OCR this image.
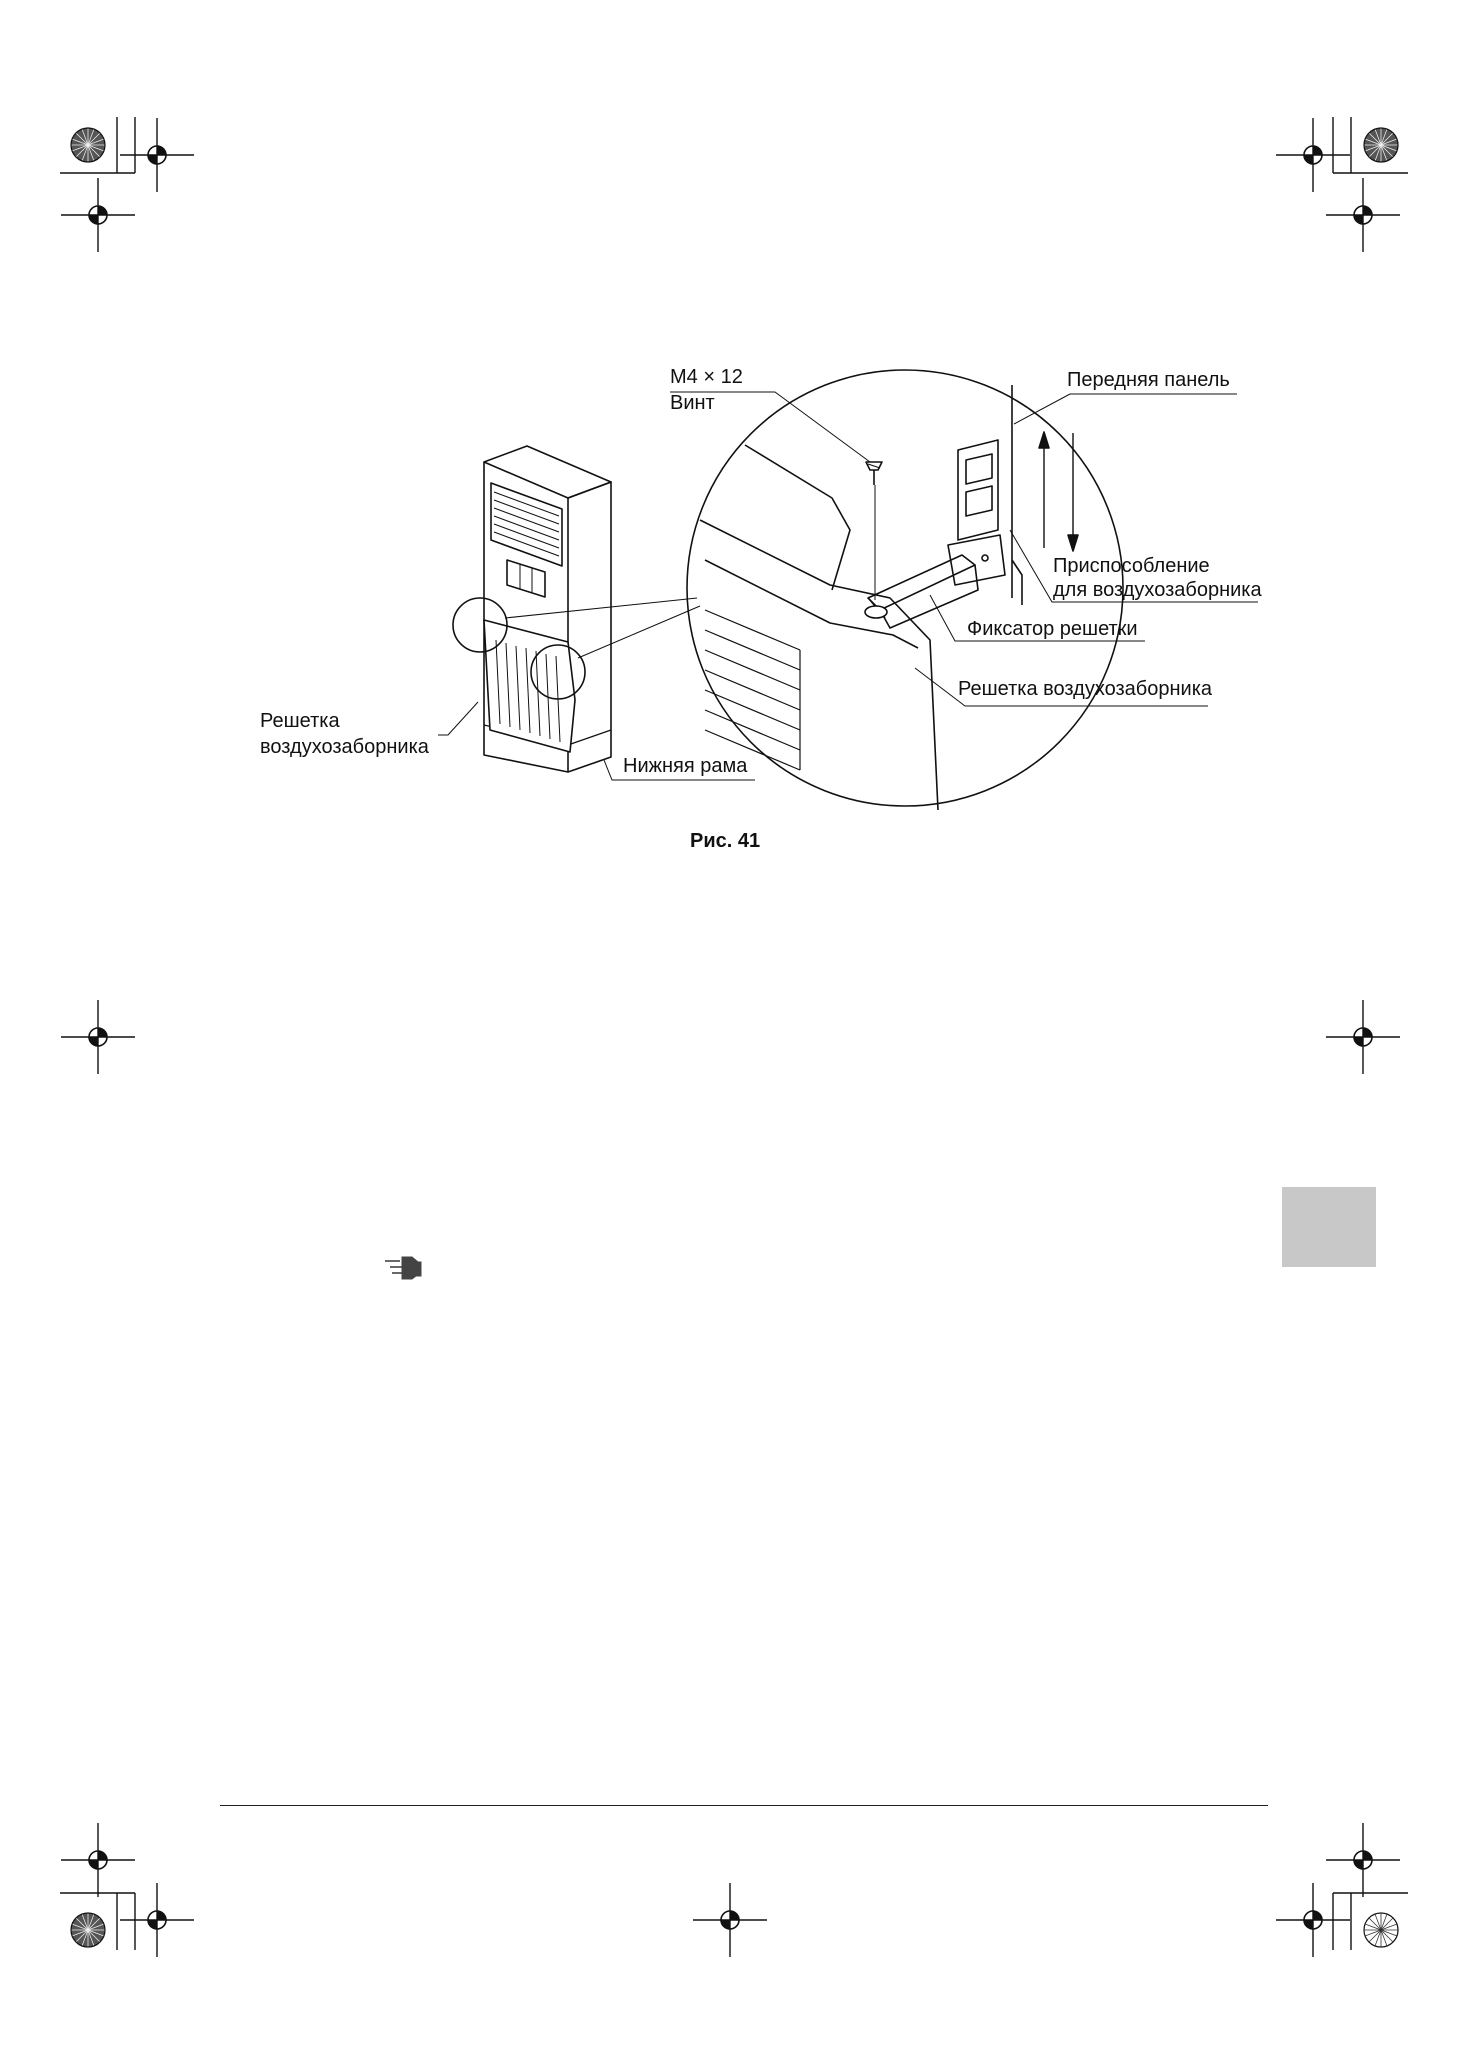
M4 × 12
Винт
Передняя панель
Приспособление
для воздухозаборника
Фиксатор решетки
Решетка воздухозаборника
Решетка
воздухозаборника
Нижняя рама
Рис. 41
